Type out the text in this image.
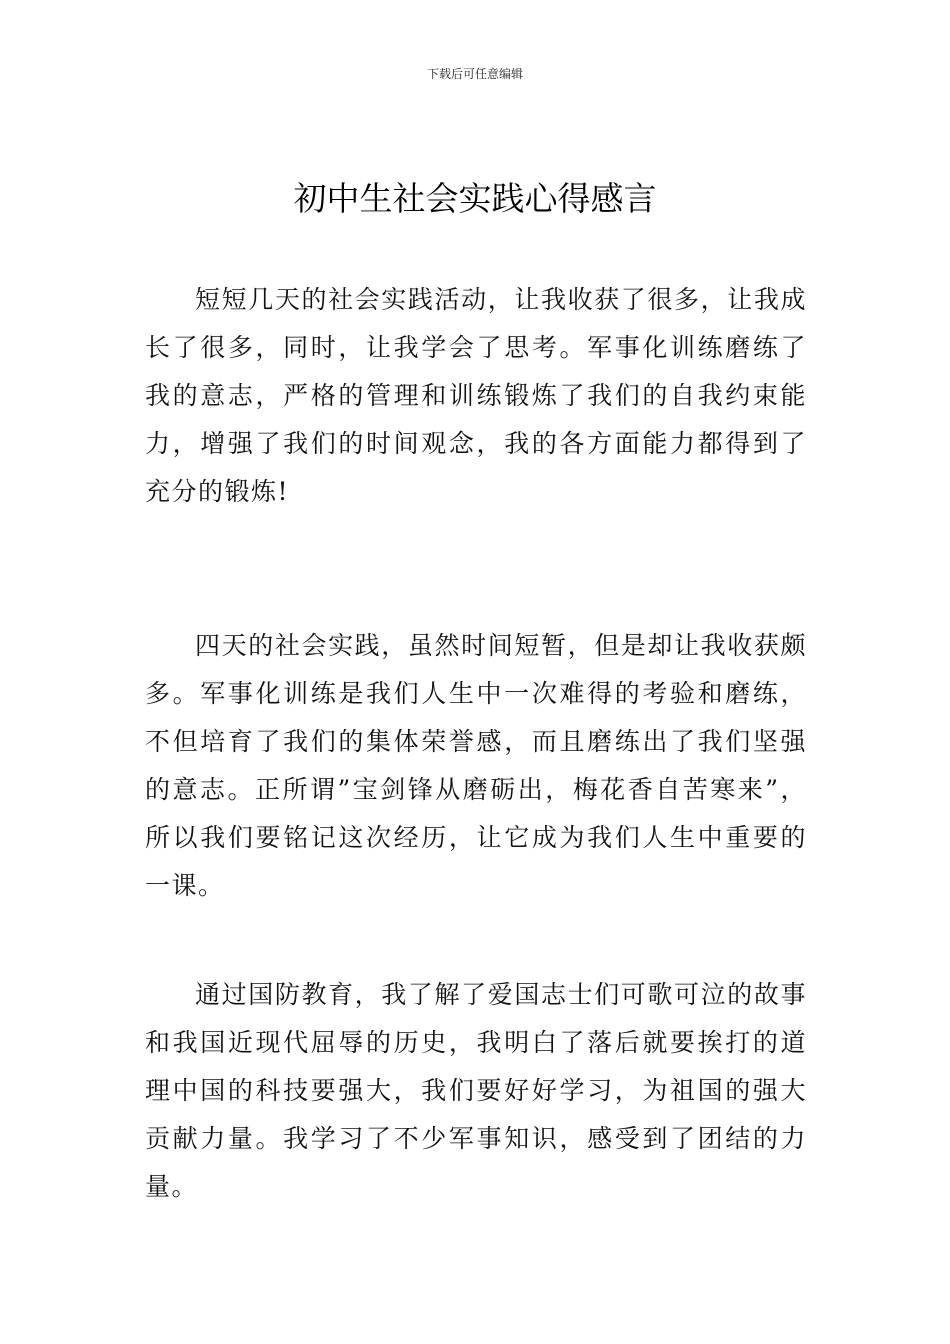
下载后可任意编辑
初中生社会实践心得感言

短短几天的社会实践活动，让我收获了很多，让我成长了很多，同时，让我学会了思考。军事化训练磨练了我的意志，严格的管理和训练锻炼了我们的自我约束能力，增强了我们的时间观念，我的各方面能力都得到了充分的锻炼!

四天的社会实践，虽然时间短暂，但是却让我收获颇多。军事化训练是我们人生中一次难得的考验和磨练，不但培育了我们的集体荣誉感，而且磨练出了我们坚强的意志。正所谓”宝剑锋从磨砺出，梅花香自苦寒来”，所以我们要铭记这次经历，让它成为我们人生中重要的一课。

通过国防教育，我了解了爱国志士们可歌可泣的故事和我国近现代屈辱的历史，我明白了落后就要挨打的道理中国的科技要强大，我们要好好学习，为祖国的强大贡献力量。我学习了不少军事知识，感受到了团结的力量。
